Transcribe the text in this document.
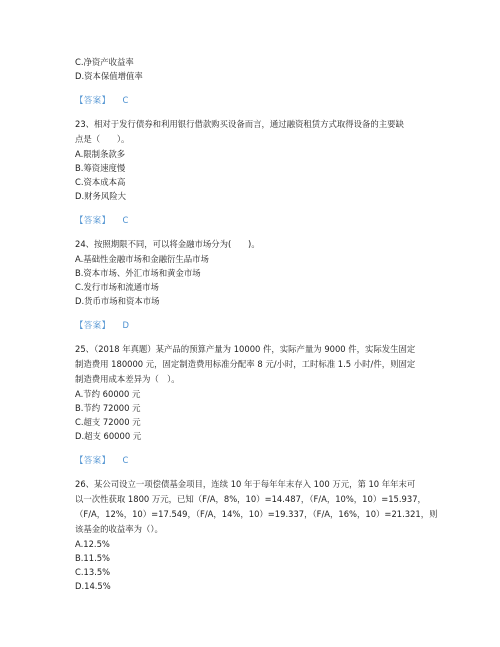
C.净资产收益率
D.资本保值增值率
【答案】 C
23、相对于发行债券和利用银行借款购买设备而言，通过融资租赁方式取得设备的主要缺
点是（　　）。
A.限制条款多
B.筹资速度慢
C.资本成本高
D.财务风险大
【答案】 C
24、按照期限不同，可以将金融市场分为(　　)。
A.基础性金融市场和金融衍生品市场
B.资本市场、外汇市场和黄金市场
C.发行市场和流通市场
D.货币市场和资本市场
【答案】 D
25、（2018 年真题）某产品的预算产量为 10000 件，实际产量为 9000 件，实际发生固定
制造费用 180000 元，固定制造费用标准分配率 8 元/小时，工时标准 1.5 小时/件，则固定
制造费用成本差异为（　）。
A.节约 60000 元
B.节约 72000 元
C.超支 72000 元
D.超支 60000 元
【答案】 C
26、某公司设立一项偿债基金项目，连续 10 年于每年年末存入 100 万元，第 10 年年末可
以一次性获取 1800 万元，已知（F/A，8%，10）=14.487，（F/A，10%，10）=15.937，
（F/A，12%，10）=17.549，（F/A，14%，10）=19.337，（F/A，16%，10）=21.321，则
该基金的收益率为（）。
A.12.5%
B.11.5%
C.13.5%
D.14.5%
